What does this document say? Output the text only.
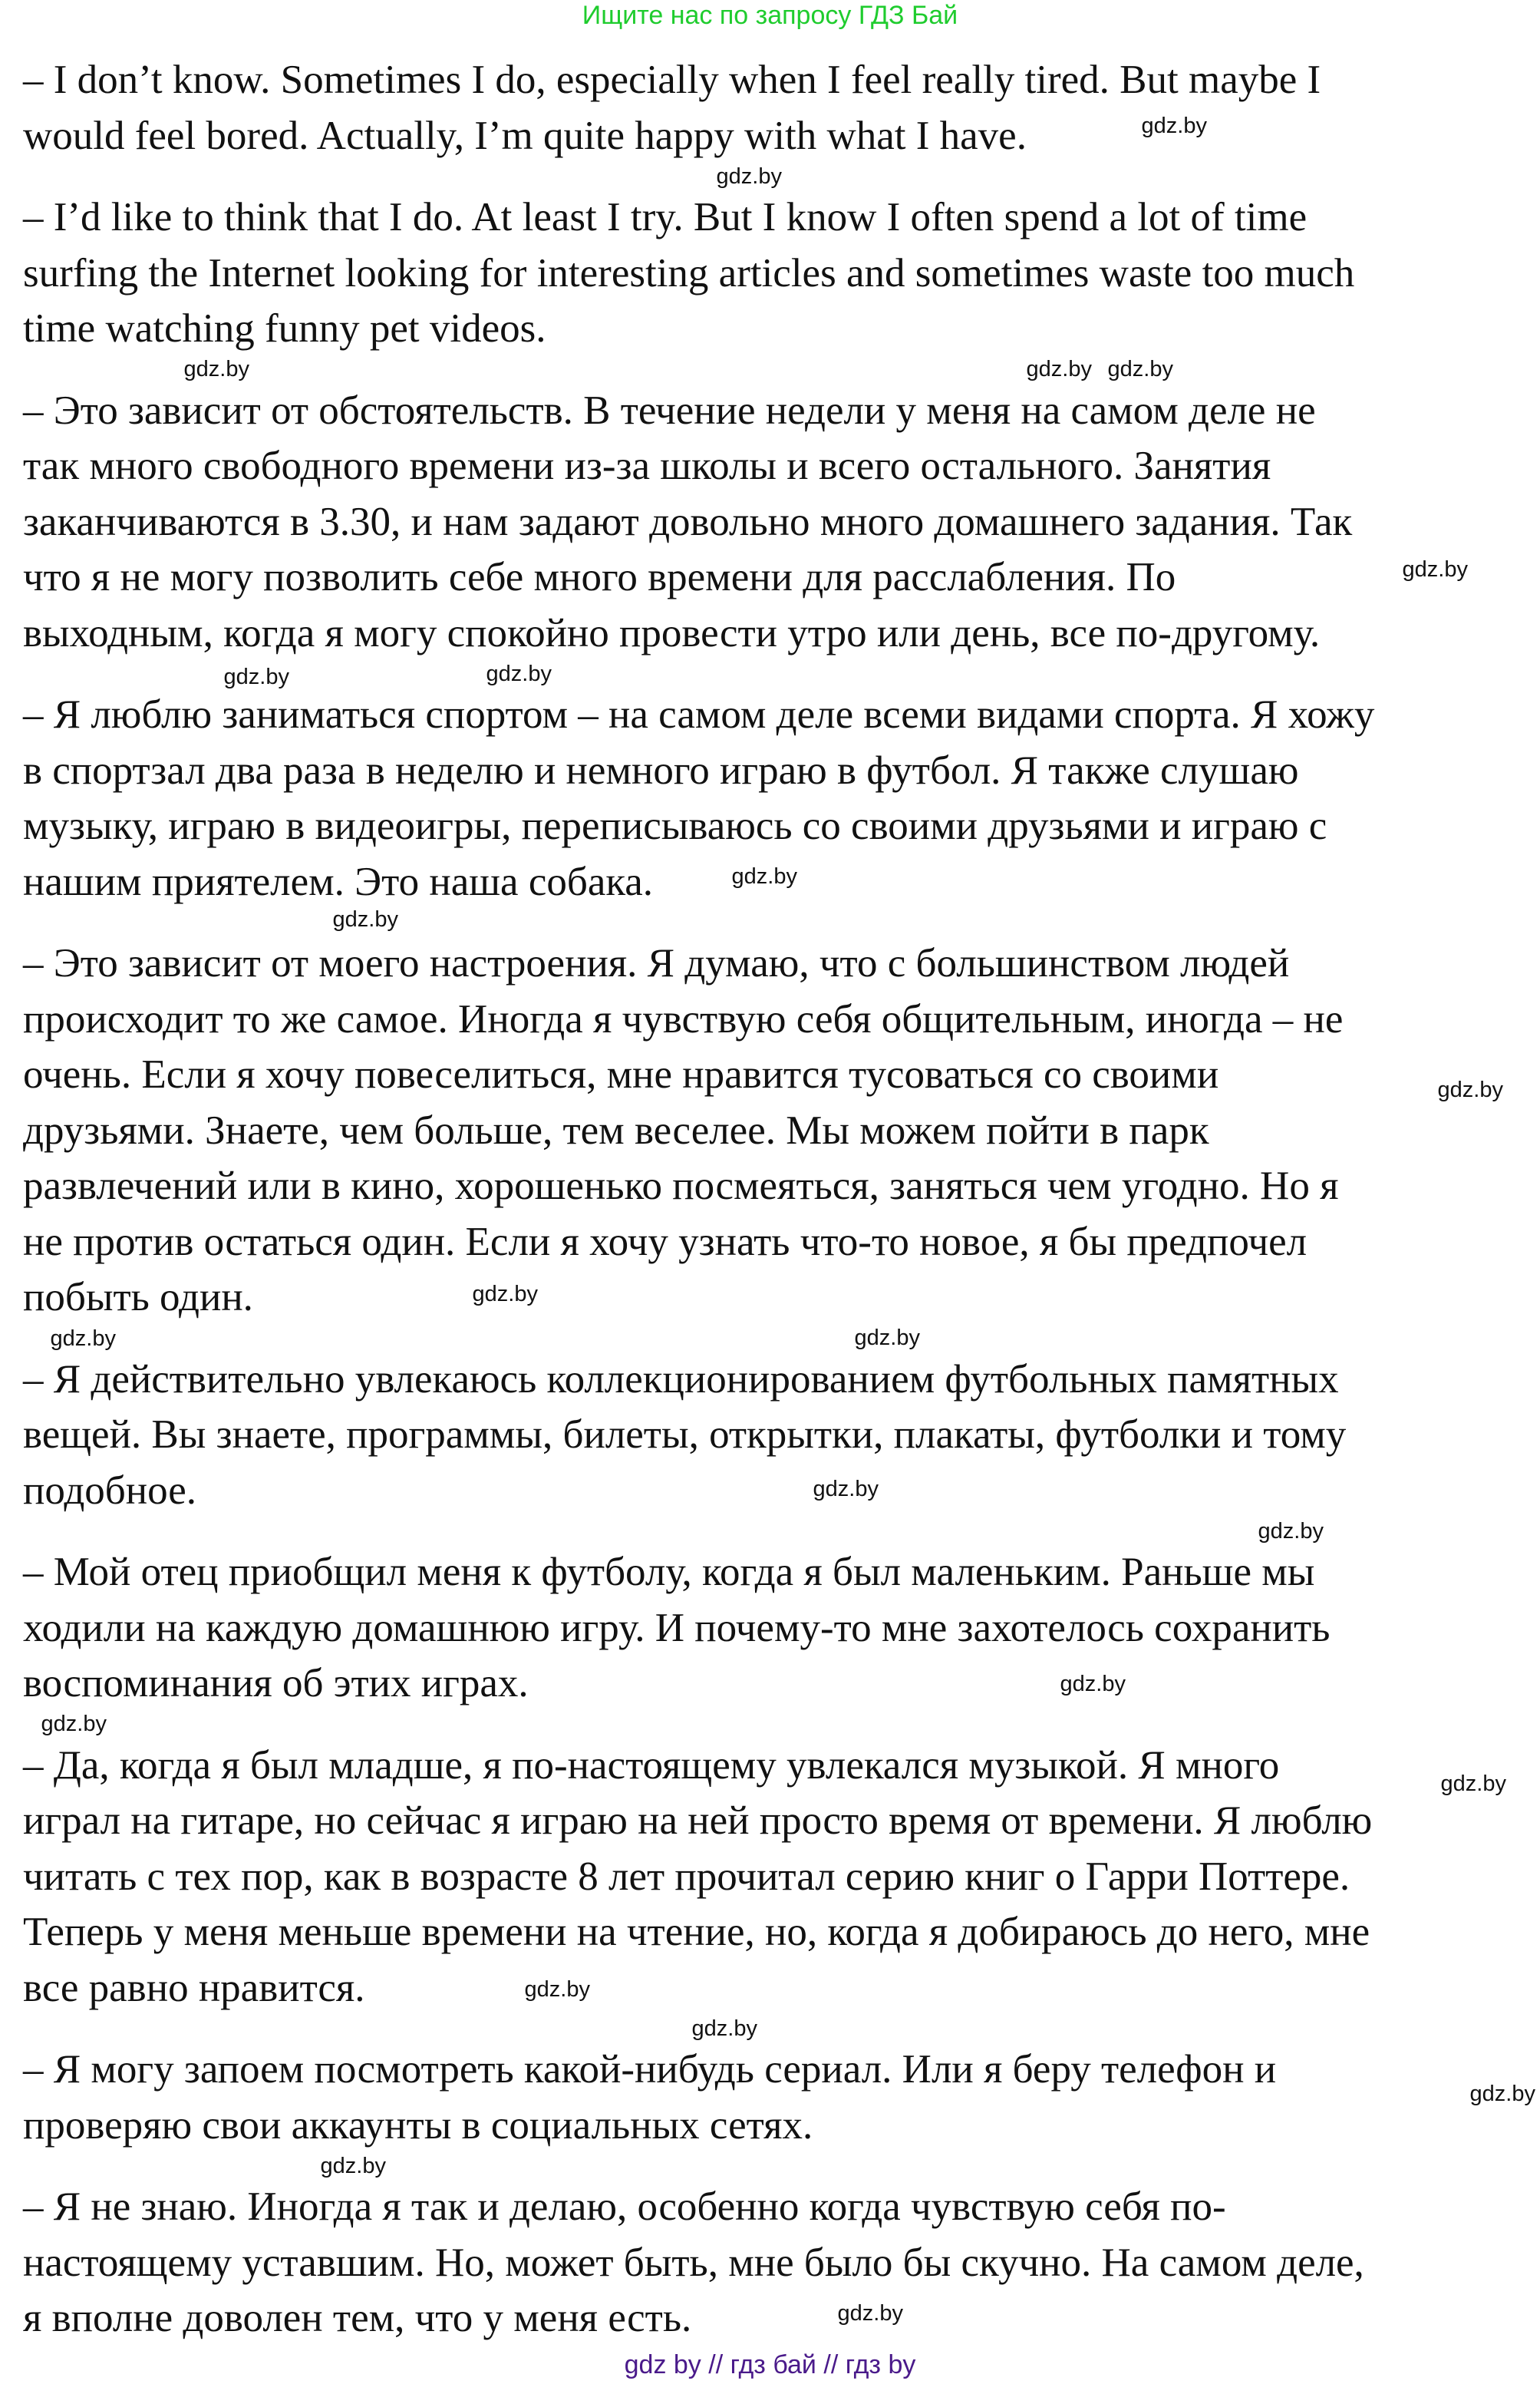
Ищите нас по запросу ГДЗ Бай
– I don’t know. Sometimes I do, especially when I feel really tired. But maybe I
would feel bored. Actually, I’m quite happy with what I have.
– I’d like to think that I do. At least I try. But I know I often spend a lot of time
surfing the Internet looking for interesting articles and sometimes waste too much
time watching funny pet videos.
– Это зависит от обстоятельств. В течение недели у меня на самом деле не
так много свободного времени из-за школы и всего остального. Занятия
заканчиваются в 3.30, и нам задают довольно много домашнего задания. Так
что я не могу позволить себе много времени для расслабления. По
выходным, когда я могу спокойно провести утро или день, все по-другому.
– Я люблю заниматься спортом – на самом деле всеми видами спорта. Я хожу
в спортзал два раза в неделю и немного играю в футбол. Я также слушаю
музыку, играю в видеоигры, переписываюсь со своими друзьями и играю с
нашим приятелем. Это наша собака.
– Это зависит от моего настроения. Я думаю, что с большинством людей
происходит то же самое. Иногда я чувствую себя общительным, иногда – не
очень. Если я хочу повеселиться, мне нравится тусоваться со своими
друзьями. Знаете, чем больше, тем веселее. Мы можем пойти в парк
развлечений или в кино, хорошенько посмеяться, заняться чем угодно. Но я
не против остаться один. Если я хочу узнать что-то новое, я бы предпочел
побыть один.
– Я действительно увлекаюсь коллекционированием футбольных памятных
вещей. Вы знаете, программы, билеты, открытки, плакаты, футболки и тому
подобное.
– Мой отец приобщил меня к футболу, когда я был маленьким. Раньше мы
ходили на каждую домашнюю игру. И почему-то мне захотелось сохранить
воспоминания об этих играх.
– Да, когда я был младше, я по-настоящему увлекался музыкой. Я много
играл на гитаре, но сейчас я играю на ней просто время от времени. Я люблю
читать с тех пор, как в возрасте 8 лет прочитал серию книг о Гарри Поттере.
Теперь у меня меньше времени на чтение, но, когда я добираюсь до него, мне
все равно нравится.
– Я могу запоем посмотреть какой-нибудь сериал. Или я беру телефон и
проверяю свои аккаунты в социальных сетях.
– Я не знаю. Иногда я так и делаю, особенно когда чувствую себя по-
настоящему уставшим. Но, может быть, мне было бы скучно. На самом деле,
я вполне доволен тем, что у меня есть.
gdz.by
gdz.by
gdz.by
gdz.by	gdz.by
gdz.by
gdz.by
gdz.by
gdz.by
gdz.by
gdz.by
gdz.by
gdz.by
gdz.by
gdz.by
gdz.by
gdz.by
gdz.by
gdz.by
gdz.by
gdz.by
gdz.by
gdz.by
gdz.by
gdz by // гдз бай // гдз by
